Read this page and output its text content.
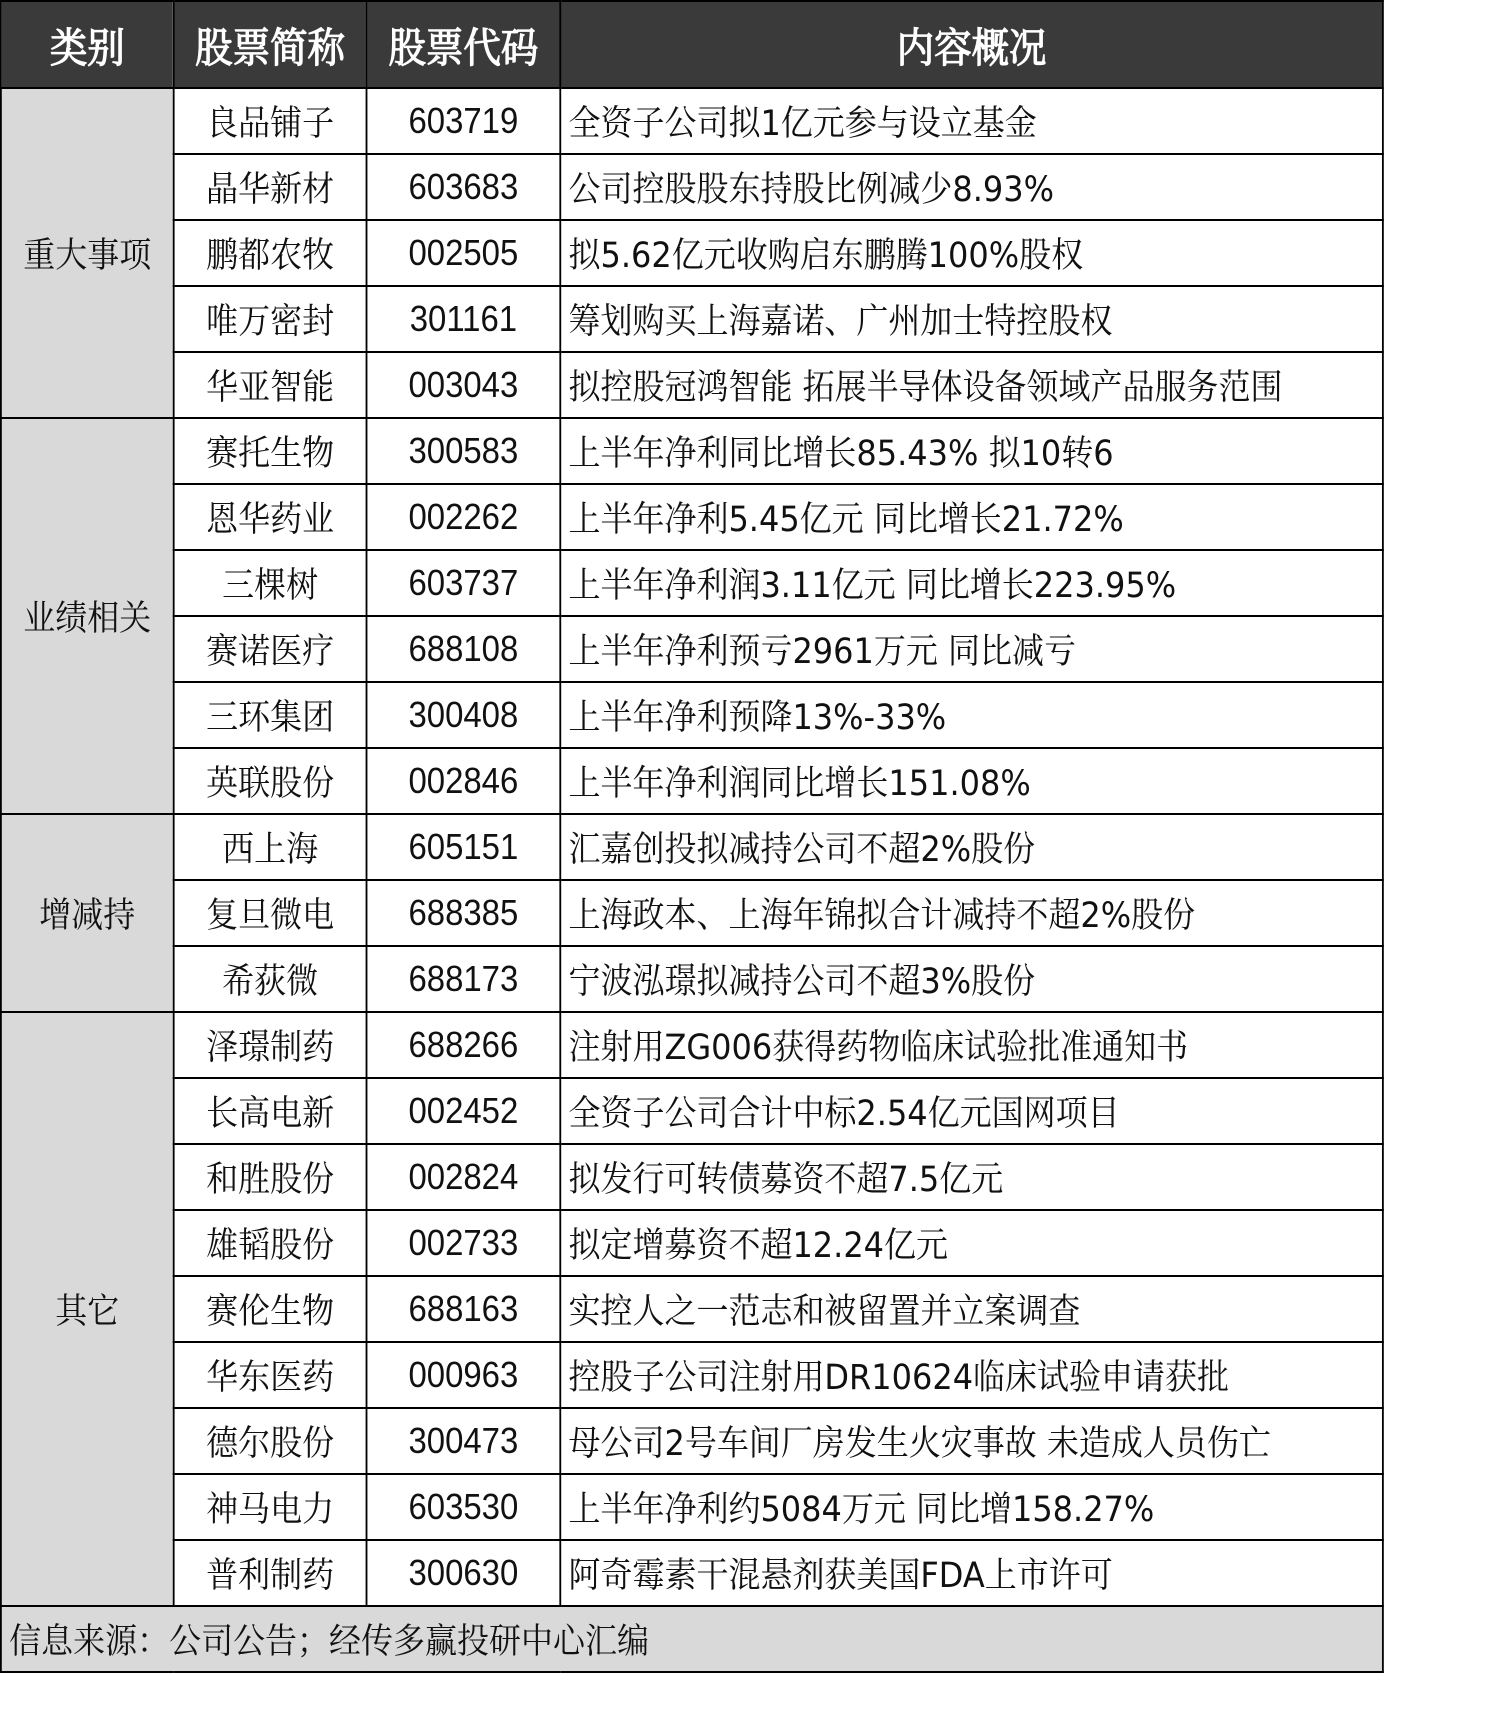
类别	股票简称	股票代码	内容概况
重大事项	良品铺子	603719	全资子公司拟1亿元参与设立基金
	晶华新材	603683	公司控股股东持股比例减少8.93%
	鹏都农牧	002505	拟5.62亿元收购启东鹏腾100%股权
	唯万密封	301161	筹划购买上海嘉诺、广州加士特控股权
	华亚智能	003043	拟控股冠鸿智能 拓展半导体设备领域产品服务范围
业绩相关	赛托生物	300583	上半年净利同比增长85.43% 拟10转6
	恩华药业	002262	上半年净利5.45亿元 同比增长21.72%
	三棵树	603737	上半年净利润3.11亿元 同比增长223.95%
	赛诺医疗	688108	上半年净利预亏2961万元 同比减亏
	三环集团	300408	上半年净利预降13%-33%
	英联股份	002846	上半年净利润同比增长151.08%
增减持	西上海	605151	汇嘉创投拟减持公司不超2%股份
	复旦微电	688385	上海政本、上海年锦拟合计减持不超2%股份
	希荻微	688173	宁波泓璟拟减持公司不超3%股份
其它	泽璟制药	688266	注射用ZG006获得药物临床试验批准通知书
	长高电新	002452	全资子公司合计中标2.54亿元国网项目
	和胜股份	002824	拟发行可转债募资不超7.5亿元
	雄韬股份	002733	拟定增募资不超12.24亿元
	赛伦生物	688163	实控人之一范志和被留置并立案调查
	华东医药	000963	控股子公司注射用DR10624临床试验申请获批
	德尔股份	300473	母公司2号车间厂房发生火灾事故 未造成人员伤亡
	神马电力	603530	上半年净利约5084万元 同比增158.27%
	普利制药	300630	阿奇霉素干混悬剂获美国FDA上市许可
信息来源：公司公告；经传多赢投研中心汇编			
